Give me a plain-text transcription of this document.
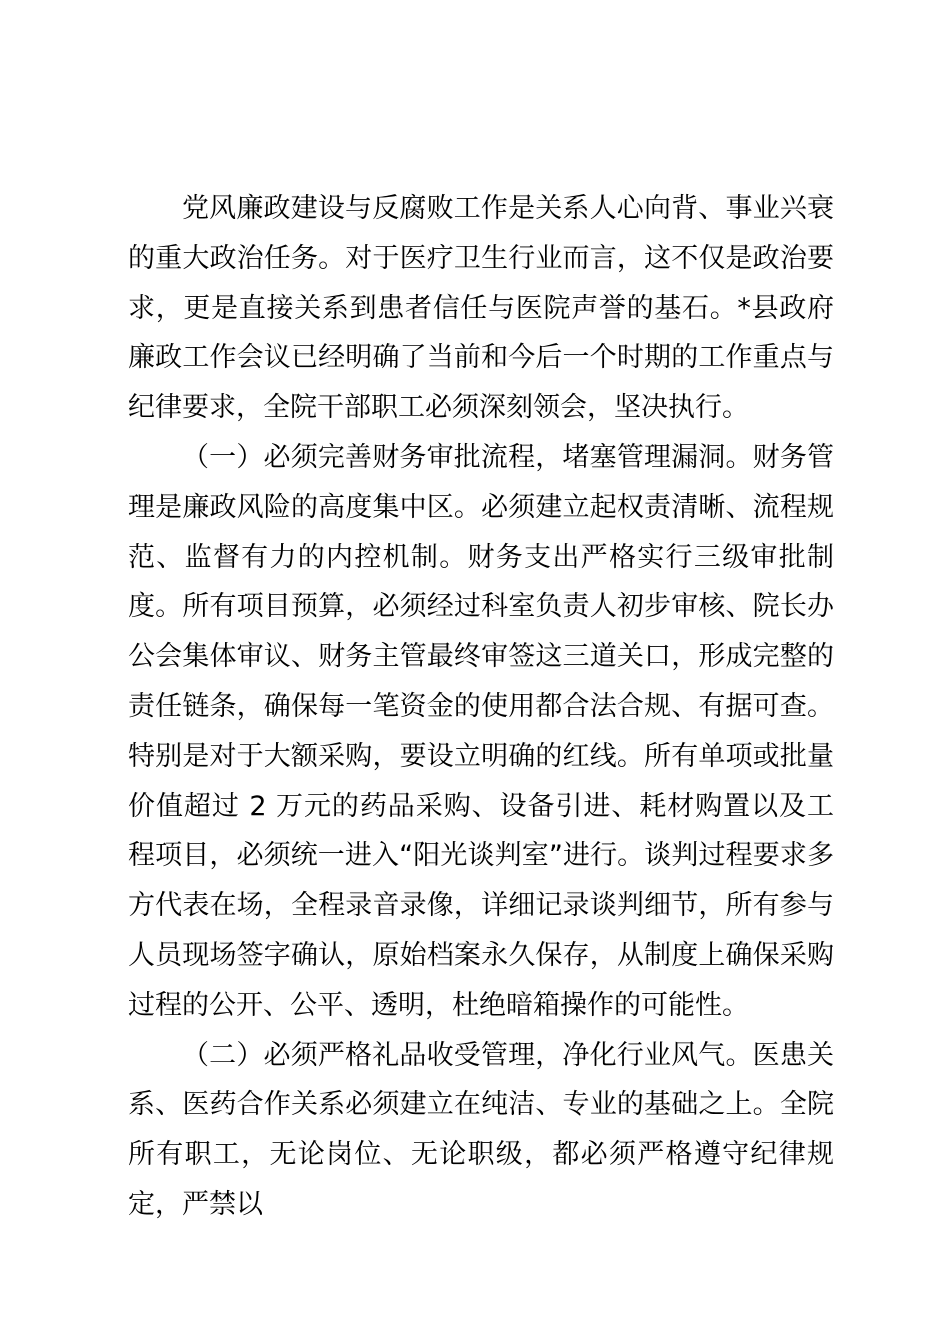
党风廉政建设与反腐败工作是关系人心向背、事业兴衰的重大政治任务。对于医疗卫生行业而言，这不仅是政治要求，更是直接关系到患者信任与医院声誉的基石。*县政府廉政工作会议已经明确了当前和今后一个时期的工作重点与纪律要求，全院干部职工必须深刻领会，坚决执行。

（一）必须完善财务审批流程，堵塞管理漏洞。财务管理是廉政风险的高度集中区。必须建立起权责清晰、流程规范、监督有力的内控机制。财务支出严格实行三级审批制度。所有项目预算，必须经过科室负责人初步审核、院长办公会集体审议、财务主管最终审签这三道关口，形成完整的责任链条，确保每一笔资金的使用都合法合规、有据可查。特别是对于大额采购，要设立明确的红线。所有单项或批量价值超过 2 万元的药品采购、设备引进、耗材购置以及工程项目，必须统一进入“阳光谈判室”进行。谈判过程要求多方代表在场，全程录音录像，详细记录谈判细节，所有参与人员现场签字确认，原始档案永久保存，从制度上确保采购过程的公开、公平、透明，杜绝暗箱操作的可能性。

（二）必须严格礼品收受管理，净化行业风气。医患关系、医药合作关系必须建立在纯洁、专业的基础之上。全院所有职工，无论岗位、无论职级，都必须严格遵守纪律规定，严禁以
